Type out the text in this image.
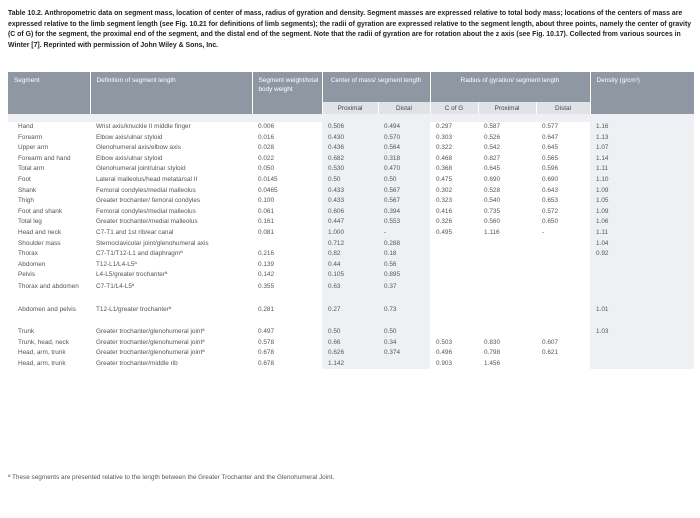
Table 10.2. Anthropometric data on segment mass, location of center of mass, radius of gyration and density. Segment masses are expressed relative to total body mass; locations of the centers of mass are expressed relative to the limb segment length (see Fig. 10.21 for definitions of limb segments); the radii of gyration are expressed relative to the segment length, about three points, namely the center of gravity (C of G) for the segment, the proximal end of the segment, and the distal end of the segment. Note that the radii of gyration are for rotation about the z axis (see Fig. 10.17). Collected from various sources in Winter [7]. Reprinted with permission of John Wiley & Sons, Inc.
Segment	Definition of segment length	Segment weight/total body weight	Center of mass/ segment length		Radius of gyration/ segment length			Density (g/cm³)
			Proximal	Distal	C of G	Proximal	Distal	

Hand	Wrist axis/knuckle II middle finger	0.006	0.506	0.494	0.297	0.587	0.577	1.16
Forearm	Elbow axis/ulnar styloid	0.016	0.430	0.570	0.303	0.526	0.647	1.13
Upper arm	Glenohumeral axis/elbow axis	0.028	0.436	0.564	0.322	0.542	0.645	1.07
Forearm and hand	Elbow axis/ulnar styloid	0.022	0.682	0.318	0.468	0.827	0.565	1.14
Total arm	Glenohumeral joint/ulnar styloid	0.050	0.530	0.470	0.368	0.645	0.596	1.11
Foot	Lateral malleolus/head metatarsal II	0.0145	0.50	0.50	0.475	0.690	0.690	1.10
Shank	Femoral condyles/medial malleolus	0.0465	0.433	0.567	0.302	0.528	0.643	1.09
Thigh	Greater trochanter/ femoral condyles	0.100	0.433	0.567	0.323	0.540	0.653	1.05
Foot and shank	Femoral condyles/medial malleolus	0.061	0.606	0.394	0.416	0.735	0.572	1.09
Total leg	Greater trochanter/medial malleolus	0.161	0.447	0.553	0.326	0.560	0.650	1.06
Head and neck	C7-T1 and 1st rib/ear canal	0.081	1.000	-	0.495	1.116	-	1.11
Shoulder mass	Sternoclavicular joint/glenohumeral axis		0.712	0.288				1.04
Thorax	C7-T1/T12-L1 and diaphragmª	0.216	0.82	0.18				0.92
Abdomen	T12-L1/L4-L5ª	0.139	0.44	0.56				
Pelvis	L4-L5/greater trochanterª	0.142	0.105	0.895				
Thorax and abdomen	C7-T1/L4-L5ª	0.355	0.63	0.37				
Abdomen and pelvis	T12-L1/greater trochanterª	0.281	0.27	0.73				1.01
Trunk	Greater trochanter/glenohumeral jointª	0.497	0.50	0.50				1.03
Trunk, head, neck	Greater trochanter/glenohumeral jointª	0.578	0.66	0.34	0.503	0.830	0.607	
Head, arm, trunk	Greater trochanter/glenohumeral jointª	0.678	0.626	0.374	0.496	0.798	0.621	
Head, arm, trunk	Greater trochanter/middle rib	0.678	1.142		0.903	1.456		
ª These segments are presented relative to the length between the Greater Trochanter and the Glenohumeral Joint.
